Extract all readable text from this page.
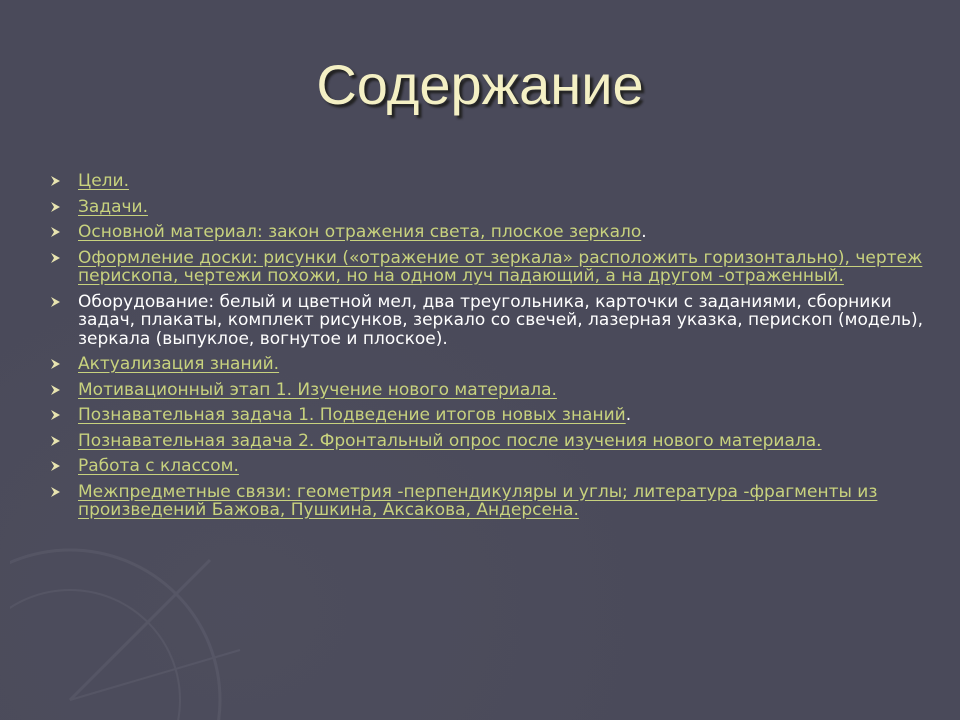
Содержание
Цели.
Задачи.
Основной материал: закон отражения света, плоское зеркало.
Оформление доски: рисунки («отражение от зеркала» расположить горизонтально), чертеж перископа, чертежи похожи, но на одном луч падающий, а на другом -отраженный.
Оборудование: белый и цветной мел, два треугольника, карточки с заданиями, сборники задач, плакаты, комплект рисунков, зеркало со свечей, лазерная указка, перископ (модель), зеркала (выпуклое, вогнутое и плоское).
Актуализация знаний.
Мотивационный этап 1. Изучение нового материала.
Познавательная задача 1. Подведение итогов новых знаний.
Познавательная задача 2. Фронтальный опрос после изучения нового материала.
Работа с классом.
Межпредметные связи: геометрия -перпендикуляры и углы; литература -фрагменты из произведений Бажова, Пушкина, Аксакова, Андерсена.
